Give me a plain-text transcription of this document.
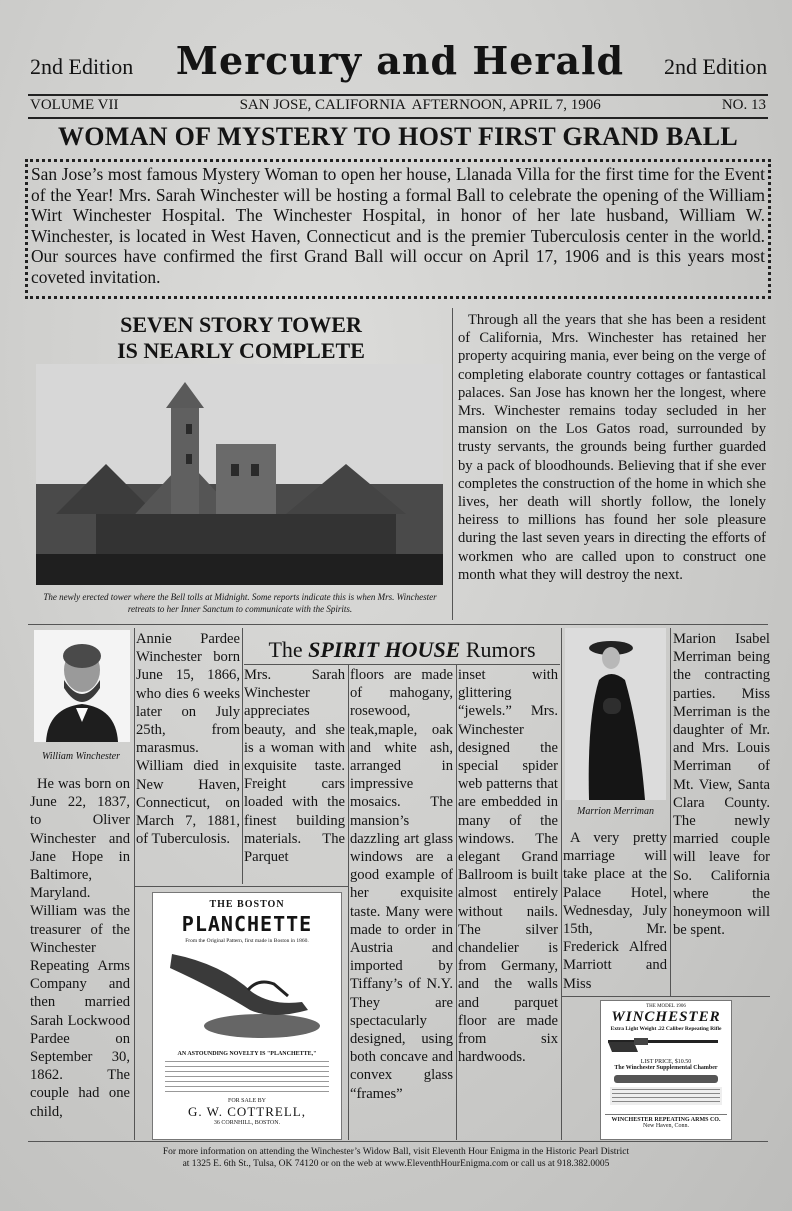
2nd Edition	Mercury and Herald	2nd Edition
VOLUME VII	SAN JOSE, CALIFORNIA  AFTERNOON, APRIL 7, 1906	NO. 13
WOMAN OF MYSTERY TO HOST FIRST GRAND BALL
San Jose’s most famous Mystery Woman to open her house, Llanada Villa for the first time for the Event of the Year! Mrs. Sarah Winchester will be hosting a formal Ball to celebrate the opening of the William Wirt Winchester Hospital. The Winchester Hospital, in honor of her late husband, William W. Winchester, is located in West Haven, Connecticut and is the premier Tuberculosis center in the world. Our sources have confirmed the first Grand Ball will occur on April 17, 1906 and is this years most coveted invitation.
SEVEN STORY TOWER
IS NEARLY COMPLETE
The newly erected tower where the Bell tolls at Midnight. Some reports indicate this is when Mrs. Winchester retreats to her Inner Sanctum to communicate with the Spirits.
Through all the years that she has been a resident of California, Mrs. Winchester has retained her property acquiring mania, ever being on the verge of completing elaborate country cottages or fantastical palaces. San Jose has known her the longest, where Mrs. Winchester remains today secluded in her mansion on the Los Gatos road, surrounded by trusty servants, the grounds being further guarded by a pack of bloodhounds. Believing that if she ever completes the construction of the home in which she lives, her death will shortly follow, the lonely heiress to millions has found her sole pleasure during the last seven years in directing the efforts of workmen who are called upon to construct one month what they will destroy the next.
William Winchester
He was born on June 22, 1837, to Oliver Winchester and Jane Hope in Baltimore, Maryland. William was the treasurer of the Winchester Repeating Arms Company and then married Sarah Lockwood Pardee on September 30, 1862. The couple had one child,
Annie Pardee Winchester born June 15, 1866, who dies 6 weeks later on July 25th, from marasmus. William died in New Haven, Connecticut, on March 7, 1881, of Tuberculosis.
The SPIRIT HOUSE Rumors
Mrs. Sarah Winchester appreciates beauty, and she is a woman with exquisite taste. Freight cars loaded with the finest building materials. The Parquet
floors are made of mahogany, rosewood, teak,maple, oak and white ash, arranged in impressive mosaics. The mansion’s dazzling art glass windows are a good example of her exquisite taste. Many were made to order in Austria and imported by Tiffany’s of N.Y. They are spectacularly designed, using both concave and convex glass “frames”
inset with glittering “jewels.” Mrs. Winchester designed the special spider web patterns that are embedded in many of the windows. The elegant Grand Ballroom is built almost entirely without nails. The silver chandelier is from Germany, and the walls and parquet floor are made from six hardwoods.
THE BOSTON
PLANCHETTE
From the Original Pattern, first made in Boston in 1860.
AN ASTOUNDING NOVELTY IS "PLANCHETTE,"
FOR SALE BY
G. W. COTTRELL,
36 CORNHILL, BOSTON.
Marrion Merriman
A very pretty marriage will take place at the Palace Hotel, Wednesday, July 15th, Mr. Frederick Alfred Marriott and Miss
Marion Isabel Merriman being the contracting parties. Miss Merriman is the daughter of Mr. and Mrs. Louis Merriman of Mt. View, Santa Clara County. The newly married couple will leave for So. California where the honeymoon will be spent.
THE MODEL 1906
WINCHESTER
Extra Light Weight .22 Caliber Repeating Rifle
LIST PRICE, $10.50
The Winchester Supplemental Chamber
WINCHESTER REPEATING ARMS CO.
New Haven, Conn.
For more information on attending the Winchester’s Widow Ball, visit Eleventh Hour Enigma in the Historic Pearl District
at 1325 E. 6th St., Tulsa, OK 74120 or on the web at www.EleventhHourEnigma.com or call us at 918.382.0005
